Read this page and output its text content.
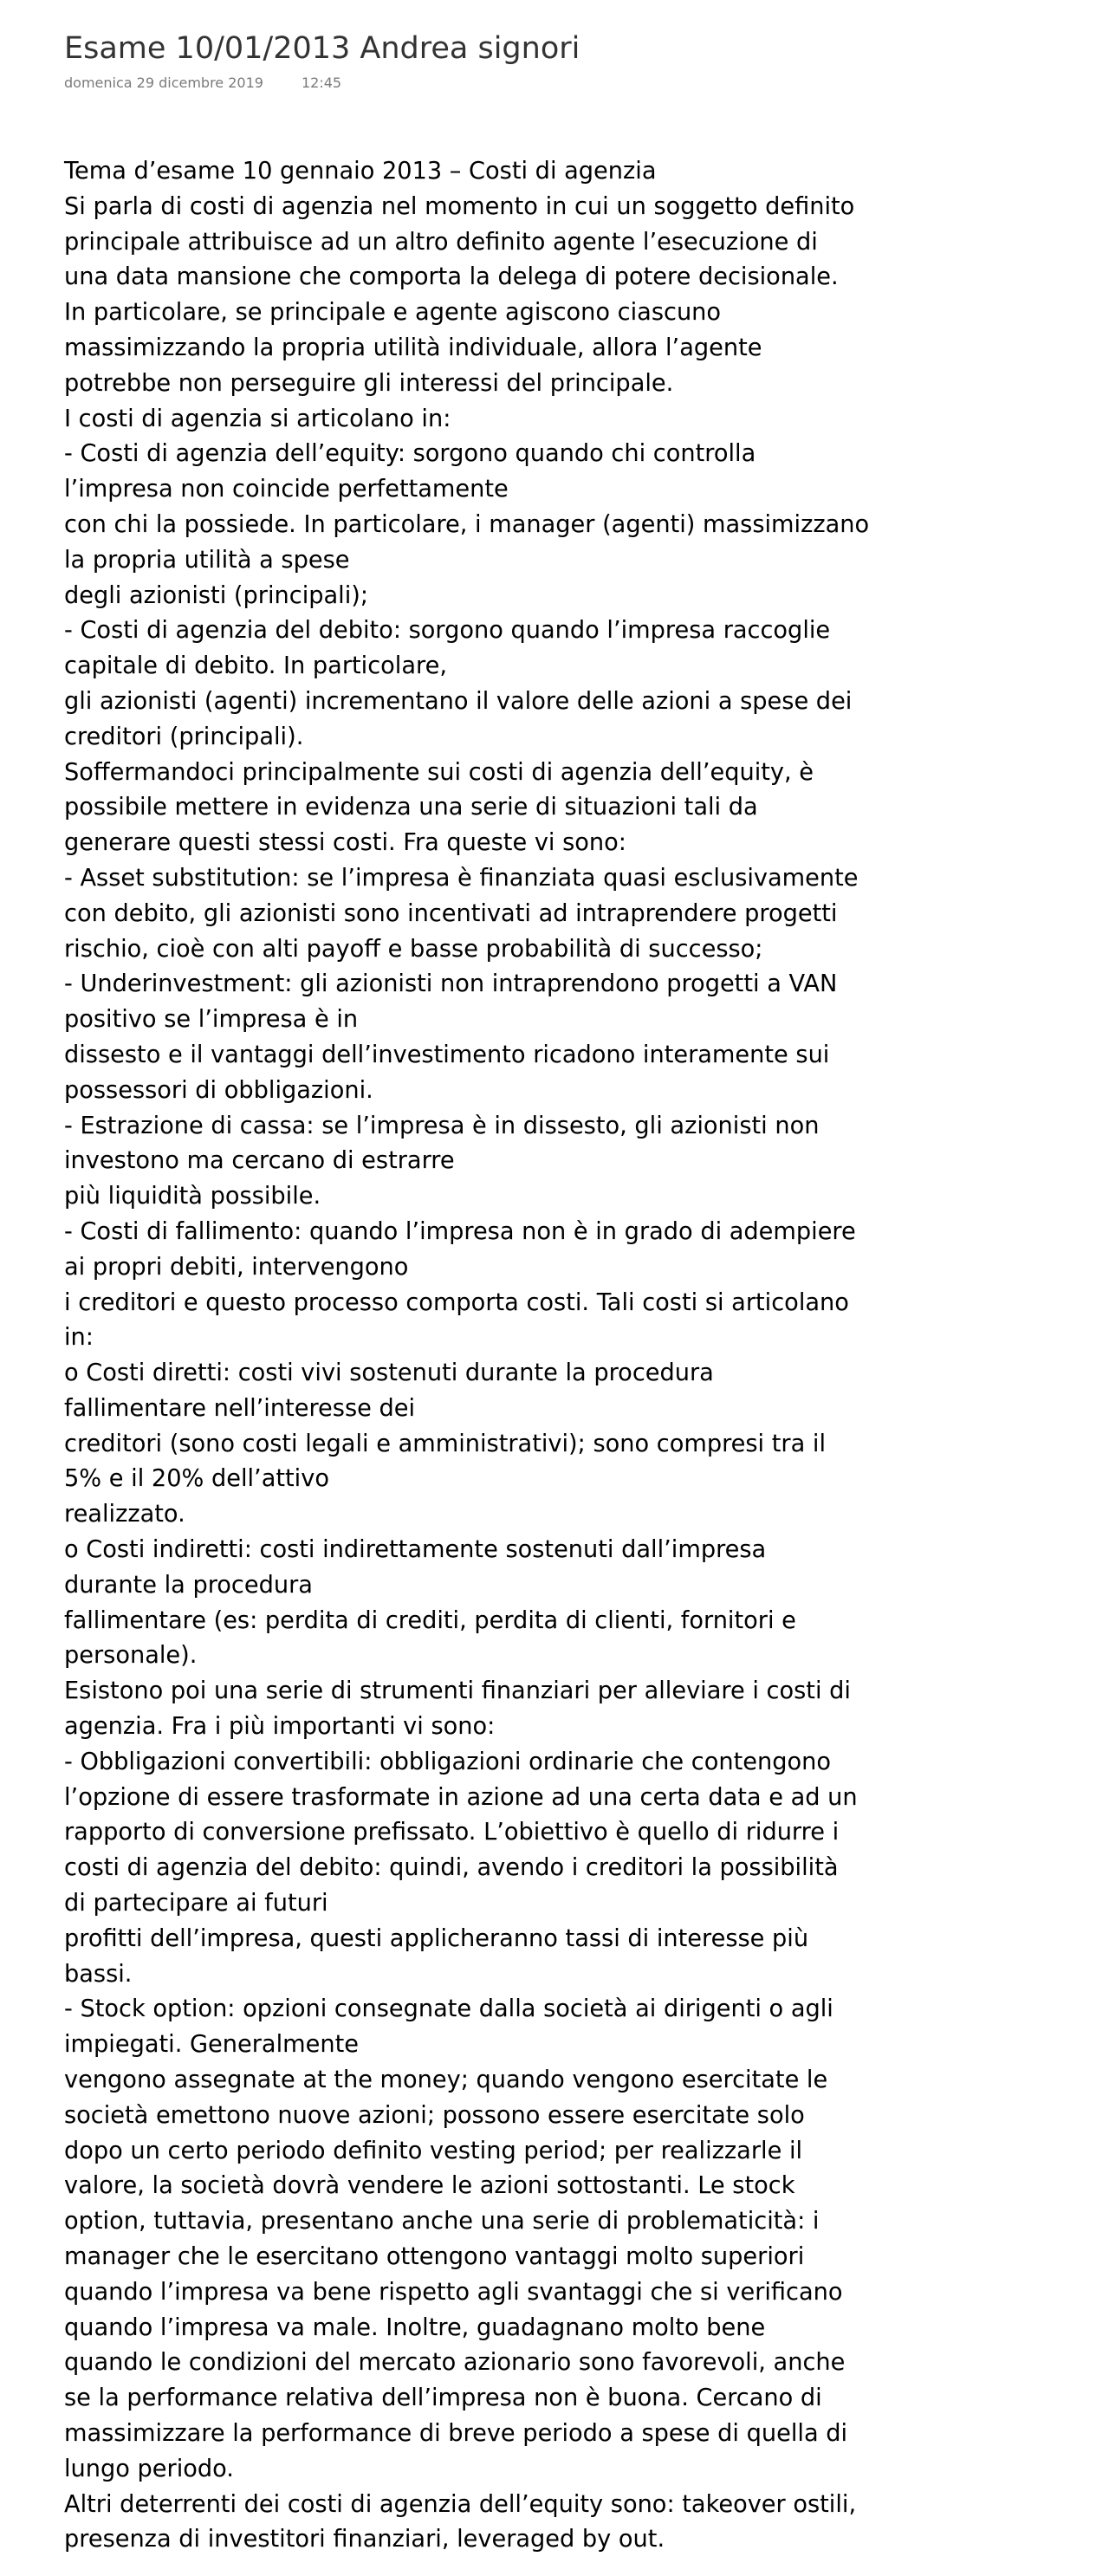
Esame 10/01/2013 Andrea signori
domenica 29 dicembre 2019	12:45
Tema d’esame 10 gennaio 2013 – Costi di agenzia
Si parla di costi di agenzia nel momento in cui un soggetto definito
principale attribuisce ad un altro definito agente l’esecuzione di
una data mansione che comporta la delega di potere decisionale.
In particolare, se principale e agente agiscono ciascuno
massimizzando la propria utilità individuale, allora l’agente
potrebbe non perseguire gli interessi del principale.
I costi di agenzia si articolano in:
- Costi di agenzia dell’equity: sorgono quando chi controlla
l’impresa non coincide perfettamente
con chi la possiede. In particolare, i manager (agenti) massimizzano
la propria utilità a spese
degli azionisti (principali);
- Costi di agenzia del debito: sorgono quando l’impresa raccoglie
capitale di debito. In particolare,
gli azionisti (agenti) incrementano il valore delle azioni a spese dei
creditori (principali).
Soffermandoci principalmente sui costi di agenzia dell’equity, è
possibile mettere in evidenza una serie di situazioni tali da
generare questi stessi costi. Fra queste vi sono:
- Asset substitution: se l’impresa è finanziata quasi esclusivamente
con debito, gli azionisti sono incentivati ad intraprendere progetti
rischio, cioè con alti payoff e basse probabilità di successo;
- Underinvestment: gli azionisti non intraprendono progetti a VAN
positivo se l’impresa è in
dissesto e il vantaggi dell’investimento ricadono interamente sui
possessori di obbligazioni.
- Estrazione di cassa: se l’impresa è in dissesto, gli azionisti non
investono ma cercano di estrarre
più liquidità possibile.
- Costi di fallimento: quando l’impresa non è in grado di adempiere
ai propri debiti, intervengono
i creditori e questo processo comporta costi. Tali costi si articolano
in:
o Costi diretti: costi vivi sostenuti durante la procedura
fallimentare nell’interesse dei
creditori (sono costi legali e amministrativi); sono compresi tra il
5% e il 20% dell’attivo
realizzato.
o Costi indiretti: costi indirettamente sostenuti dall’impresa
durante la procedura
fallimentare (es: perdita di crediti, perdita di clienti, fornitori e
personale).
Esistono poi una serie di strumenti finanziari per alleviare i costi di
agenzia. Fra i più importanti vi sono:
- Obbligazioni convertibili: obbligazioni ordinarie che contengono
l’opzione di essere trasformate in azione ad una certa data e ad un
rapporto di conversione prefissato. L’obiettivo è quello di ridurre i
costi di agenzia del debito: quindi, avendo i creditori la possibilità
di partecipare ai futuri
profitti dell’impresa, questi applicheranno tassi di interesse più
bassi.
- Stock option: opzioni consegnate dalla società ai dirigenti o agli
impiegati. Generalmente
vengono assegnate at the money; quando vengono esercitate le
società emettono nuove azioni; possono essere esercitate solo
dopo un certo periodo definito vesting period; per realizzarle il
valore, la società dovrà vendere le azioni sottostanti. Le stock
option, tuttavia, presentano anche una serie di problematicità: i
manager che le esercitano ottengono vantaggi molto superiori
quando l’impresa va bene rispetto agli svantaggi che si verificano
quando l’impresa va male. Inoltre, guadagnano molto bene
quando le condizioni del mercato azionario sono favorevoli, anche
se la performance relativa dell’impresa non è buona. Cercano di
massimizzare la performance di breve periodo a spese di quella di
lungo periodo.
Altri deterrenti dei costi di agenzia dell’equity sono: takeover ostili,
presenza di investitori finanziari, leveraged by out.
